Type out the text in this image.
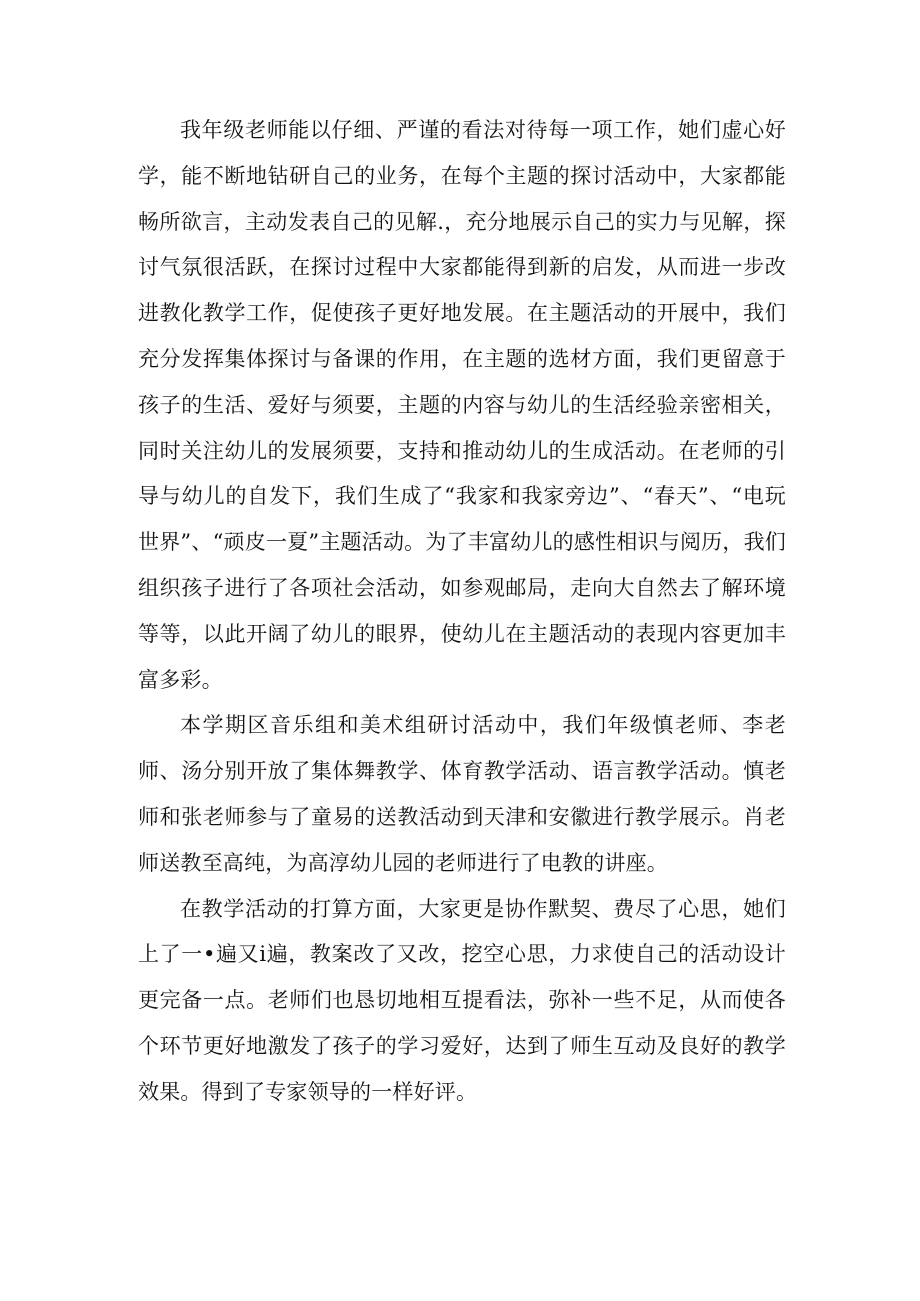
我年级老师能以仔细、严谨的看法对待每一项工作，她们虚心好学，能不断地钻研自己的业务，在每个主题的探讨活动中，大家都能畅所欲言，主动发表自己的见解.，充分地展示自己的实力与见解，探讨气氛很活跃，在探讨过程中大家都能得到新的启发，从而进一步改进教化教学工作，促使孩子更好地发展。在主题活动的开展中，我们充分发挥集体探讨与备课的作用，在主题的选材方面，我们更留意于孩子的生活、爱好与须要，主题的内容与幼儿的生活经验亲密相关，同时关注幼儿的发展须要，支持和推动幼儿的生成活动。在老师的引导与幼儿的自发下，我们生成了“我家和我家旁边”、“春天”、“电玩世界”、“顽皮一夏”主题活动。为了丰富幼儿的感性相识与阅历，我们组织孩子进行了各项社会活动，如参观邮局，走向大自然去了解环境等等，以此开阔了幼儿的眼界，使幼儿在主题活动的表现内容更加丰富多彩。

本学期区音乐组和美术组研讨活动中，我们年级慎老师、李老师、汤分别开放了集体舞教学、体育教学活动、语言教学活动。慎老师和张老师参与了童易的送教活动到天津和安徽进行教学展示。肖老师送教至高纯，为高淳幼儿园的老师进行了电教的讲座。

在教学活动的打算方面，大家更是协作默契、费尽了心思，她们上了一•遍又i遍，教案改了又改，挖空心思，力求使自己的活动设计更完备一点。老师们也恳切地相互提看法，弥补一些不足，从而使各个环节更好地激发了孩子的学习爱好，达到了师生互动及良好的教学效果。得到了专家领导的一样好评。
